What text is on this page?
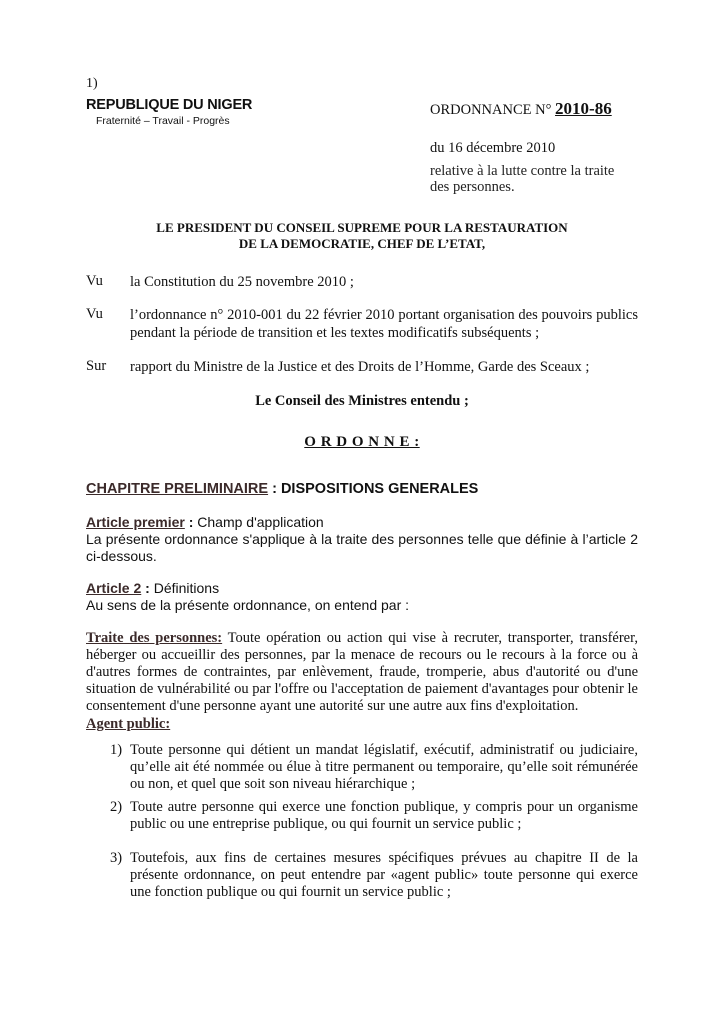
1)
REPUBLIQUE DU NIGER
Fraternité – Travail - Progrès
ORDONNANCE N° 2010-86
du 16 décembre 2010
relative à la lutte contre la traite des personnes.
LE PRESIDENT DU CONSEIL SUPREME POUR LA RESTAURATION
DE LA DEMOCRATIE, CHEF DE L’ETAT,
Vu la Constitution du 25 novembre 2010 ;
Vu l’ordonnance n° 2010-001 du 22 février 2010 portant organisation des pouvoirs publics pendant la période de transition et les textes modificatifs subséquents ;
Sur rapport du Ministre de la Justice et des Droits de l’Homme, Garde des Sceaux ;
Le Conseil des Ministres entendu ;
O R D O N N E :
CHAPITRE PRELIMINAIRE : DISPOSITIONS GENERALES
Article premier : Champ d'application
La présente ordonnance s'applique à la traite des personnes telle que définie à l’article 2 ci-dessous.
Article 2 : Définitions
Au sens de la présente ordonnance, on entend par :
Traite des personnes: Toute opération ou action qui vise à recruter, transporter, transférer, héberger ou accueillir des personnes, par la menace de recours ou le recours à la force ou à d'autres formes de contraintes, par enlèvement, fraude, tromperie, abus d'autorité ou d'une situation de vulnérabilité ou par l'offre ou l'acceptation de paiement d'avantages pour obtenir le consentement d'une personne ayant une autorité sur une autre aux fins d'exploitation.
Agent public:
1) Toute personne qui détient un mandat législatif, exécutif, administratif ou judiciaire, qu’elle ait été nommée ou élue à titre permanent ou temporaire, qu’elle soit rémunérée ou non, et quel que soit son niveau hiérarchique ;
2) Toute autre personne qui exerce une fonction publique, y compris pour un organisme public ou une entreprise publique, ou qui fournit un service public ;
3) Toutefois, aux fins de certaines mesures spécifiques prévues au chapitre II de la présente ordonnance, on peut entendre par «agent public» toute personne qui exerce une fonction publique ou qui fournit un service public ;
